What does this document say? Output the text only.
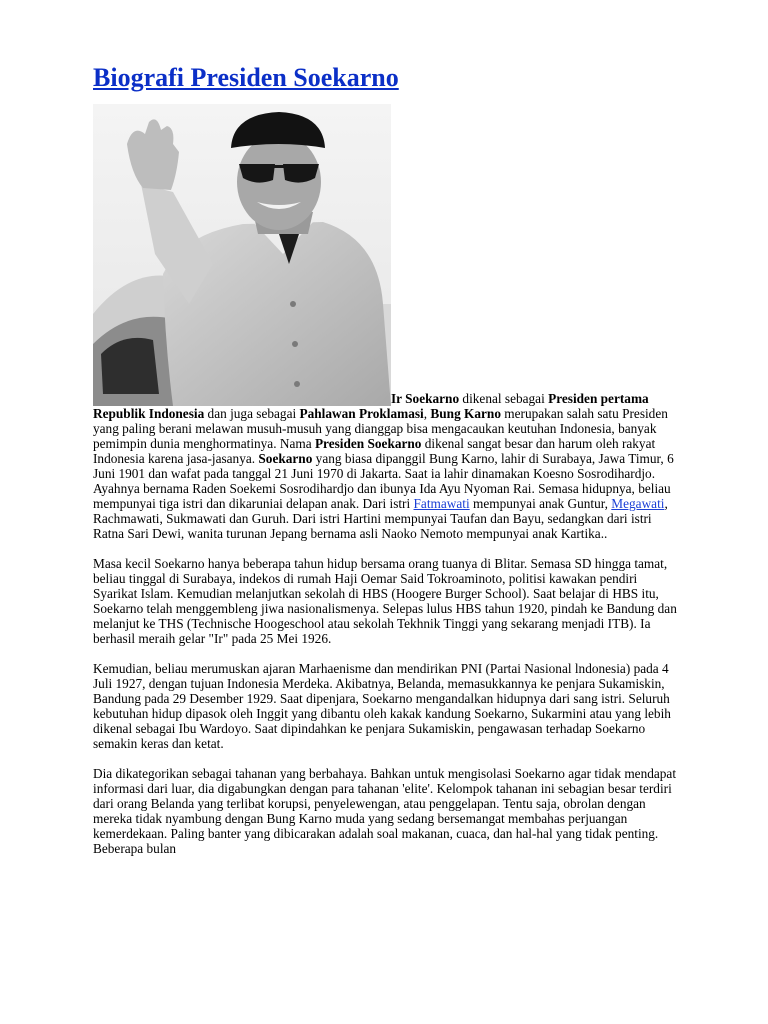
Biografi Presiden Soekarno
Ir Soekarno dikenal sebagai Presiden pertama Republik Indonesia dan juga sebagai Pahlawan Proklamasi, Bung Karno merupakan salah satu Presiden yang paling berani melawan musuh-musuh yang dianggap bisa mengacaukan keutuhan Indonesia, banyak pemimpin dunia menghormatinya. Nama Presiden Soekarno dikenal sangat besar dan harum oleh rakyat Indonesia karena jasa-jasanya. Soekarno yang biasa dipanggil Bung Karno, lahir di Surabaya, Jawa Timur, 6 Juni 1901 dan wafat pada tanggal 21 Juni 1970 di Jakarta. Saat ia lahir dinamakan Koesno Sosrodihardjo. Ayahnya bernama Raden Soekemi Sosrodihardjo dan ibunya Ida Ayu Nyoman Rai. Semasa hidupnya, beliau mempunyai tiga istri dan dikaruniai delapan anak. Dari istri Fatmawati mempunyai anak Guntur, Megawati, Rachmawati, Sukmawati dan Guruh. Dari istri Hartini mempunyai Taufan dan Bayu, sedangkan dari istri Ratna Sari Dewi, wanita turunan Jepang bernama asli Naoko Nemoto mempunyai anak Kartika..

Masa kecil Soekarno hanya beberapa tahun hidup bersama orang tuanya di Blitar. Semasa SD hingga tamat, beliau tinggal di Surabaya, indekos di rumah Haji Oemar Said Tokroaminoto, politisi kawakan pendiri Syarikat Islam. Kemudian melanjutkan sekolah di HBS (Hoogere Burger School). Saat belajar di HBS itu, Soekarno telah menggembleng jiwa nasionalismenya. Selepas lulus HBS tahun 1920, pindah ke Bandung dan melanjut ke THS (Technische Hoogeschool atau sekolah Tekhnik Tinggi yang sekarang menjadi ITB). Ia berhasil meraih gelar "Ir" pada 25 Mei 1926.

Kemudian, beliau merumuskan ajaran Marhaenisme dan mendirikan PNI (Partai Nasional lndonesia) pada 4 Juli 1927, dengan tujuan Indonesia Merdeka. Akibatnya, Belanda, memasukkannya ke penjara Sukamiskin, Bandung pada 29 Desember 1929. Saat dipenjara, Soekarno mengandalkan hidupnya dari sang istri. Seluruh kebutuhan hidup dipasok oleh Inggit yang dibantu oleh kakak kandung Soekarno, Sukarmini atau yang lebih dikenal sebagai Ibu Wardoyo. Saat dipindahkan ke penjara Sukamiskin, pengawasan terhadap Soekarno semakin keras dan ketat.

Dia dikategorikan sebagai tahanan yang berbahaya. Bahkan untuk mengisolasi Soekarno agar tidak mendapat informasi dari luar, dia digabungkan dengan para tahanan 'elite'. Kelompok tahanan ini sebagian besar terdiri dari orang Belanda yang terlibat korupsi, penyelewengan, atau penggelapan. Tentu saja, obrolan dengan mereka tidak nyambung dengan Bung Karno muda yang sedang bersemangat membahas perjuangan kemerdekaan. Paling banter yang dibicarakan adalah soal makanan, cuaca, dan hal-hal yang tidak penting. Beberapa bulan
